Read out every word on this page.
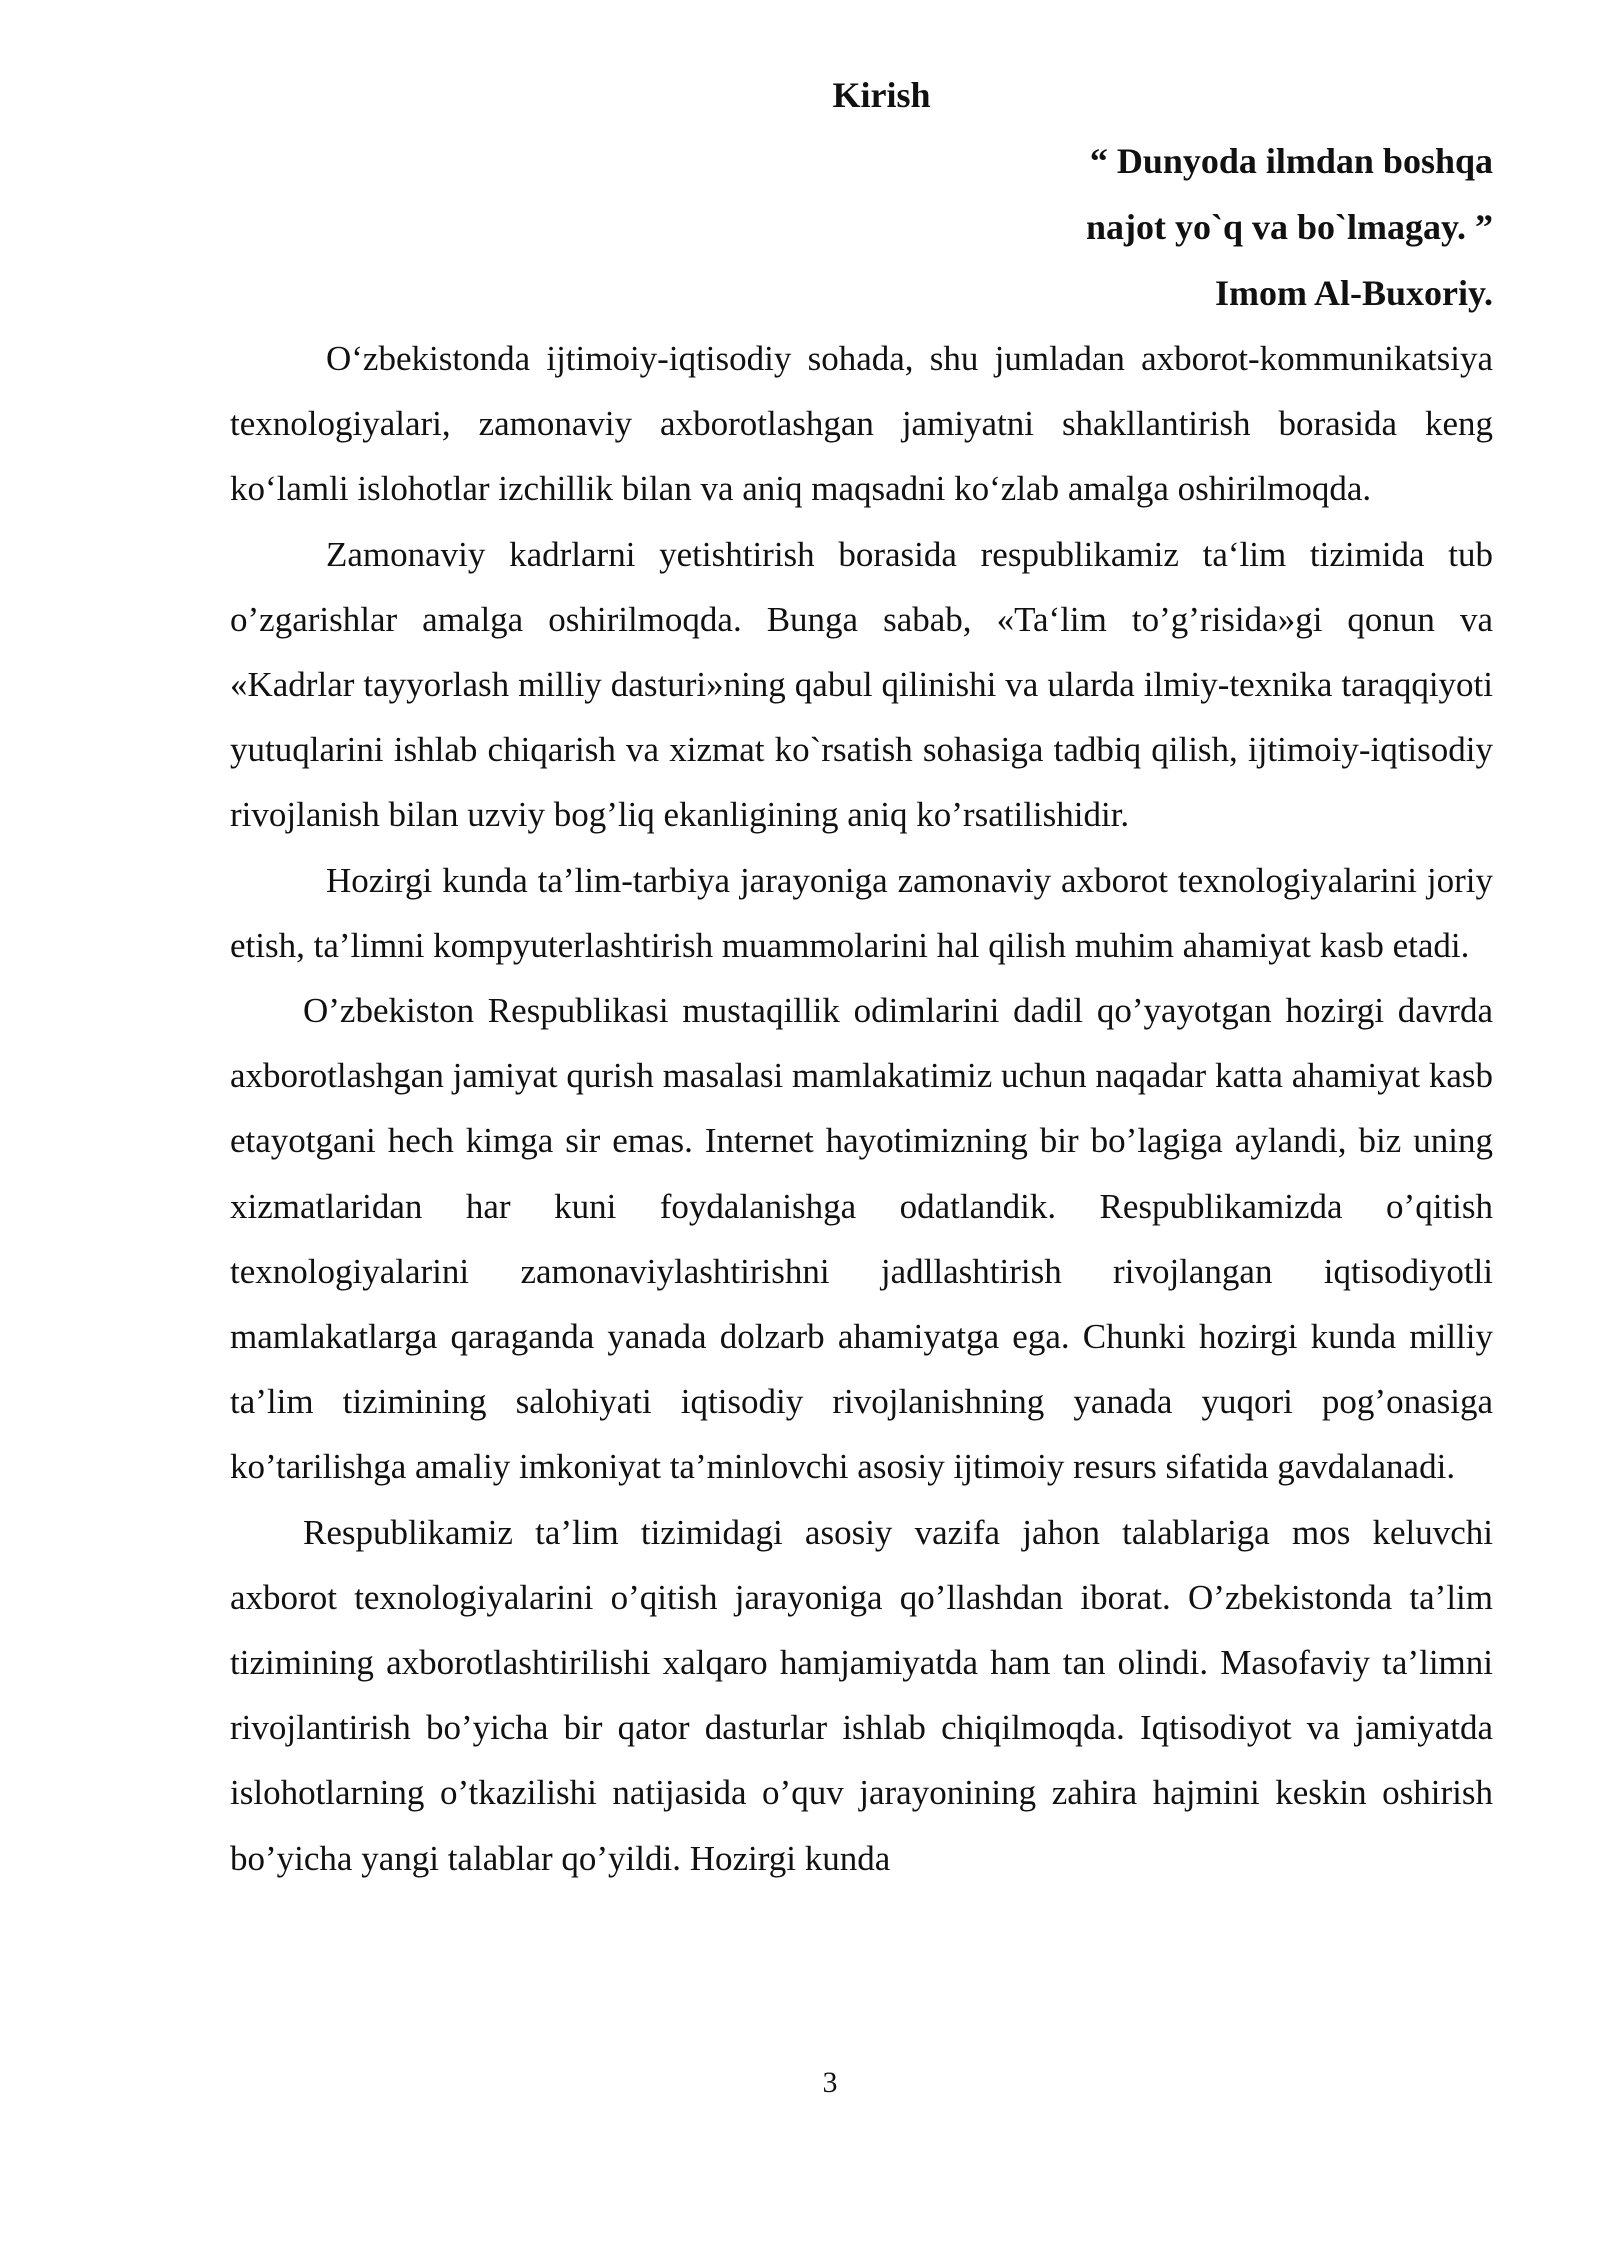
Kirish

“ Dunyoda ilmdan boshqa

najot yo`q va bo`lmagay. ”

Imom Al-Buxoriy.

O‘zbekistonda ijtimoiy-iqtisodiy sohada, shu jumladan axborot-kommunikatsiya texnologiyalari, zamonaviy axborotlashgan jamiyatni shakllantirish borasida keng ko‘lamli islohotlar izchillik bilan va aniq maqsadni ko‘zlab amalga oshirilmoqda.

Zamonaviy kadrlarni yetishtirish borasida respublikamiz ta‘lim tizimida tub o’zgarishlar amalga oshirilmoqda. Bunga sabab, «Ta‘lim to’g’risida»gi qonun va «Kadrlar tayyorlash milliy dasturi»ning qabul qilinishi va ularda ilmiy-texnika taraqqiyoti yutuqlarini ishlab chiqarish va xizmat ko`rsatish sohasiga tadbiq qilish, ijtimoiy-iqtisodiy rivojlanish bilan uzviy bog’liq ekanligining aniq ko’rsatilishidir.

Hozirgi kunda ta’lim-tarbiya jarayoniga zamonaviy axborot texnologiyalarini joriy etish, ta’limni kompyuterlashtirish muammolarini hal qilish muhim ahamiyat kasb etadi.

O’zbekiston Respublikasi mustaqillik odimlarini dadil qo’yayotgan hozirgi davrda axborotlashgan jamiyat qurish masalasi mamlakatimiz uchun naqadar katta ahamiyat kasb etayotgani hech kimga sir emas. Internet hayotimizning bir bo’lagiga aylandi, biz uning xizmatlaridan har kuni foydalanishga odatlandik. Respublikamizda o’qitish texnologiyalarini zamonaviylashtirishni jadllashtirish rivojlangan iqtisodiyotli mamlakatlarga qaraganda yanada dolzarb ahamiyatga ega. Chunki hozirgi kunda milliy ta’lim tizimining salohiyati iqtisodiy rivojlanishning yanada yuqori pog’onasiga ko’tarilishga amaliy imkoniyat ta’minlovchi asosiy ijtimoiy resurs sifatida gavdalanadi.

Respublikamiz ta’lim tizimidagi asosiy vazifa jahon talablariga mos keluvchi axborot texnologiyalarini o’qitish jarayoniga qo’llashdan iborat. O’zbekistonda ta’lim tizimining axborotlashtirilishi xalqaro hamjamiyatda ham tan olindi. Masofaviy ta’limni rivojlantirish bo’yicha bir qator dasturlar ishlab chiqilmoqda. Iqtisodiyot va jamiyatda islohotlarning o’tkazilishi natijasida o’quv jarayonining zahira hajmini keskin oshirish bo’yicha yangi talablar qo’yildi. Hozirgi kunda

3
